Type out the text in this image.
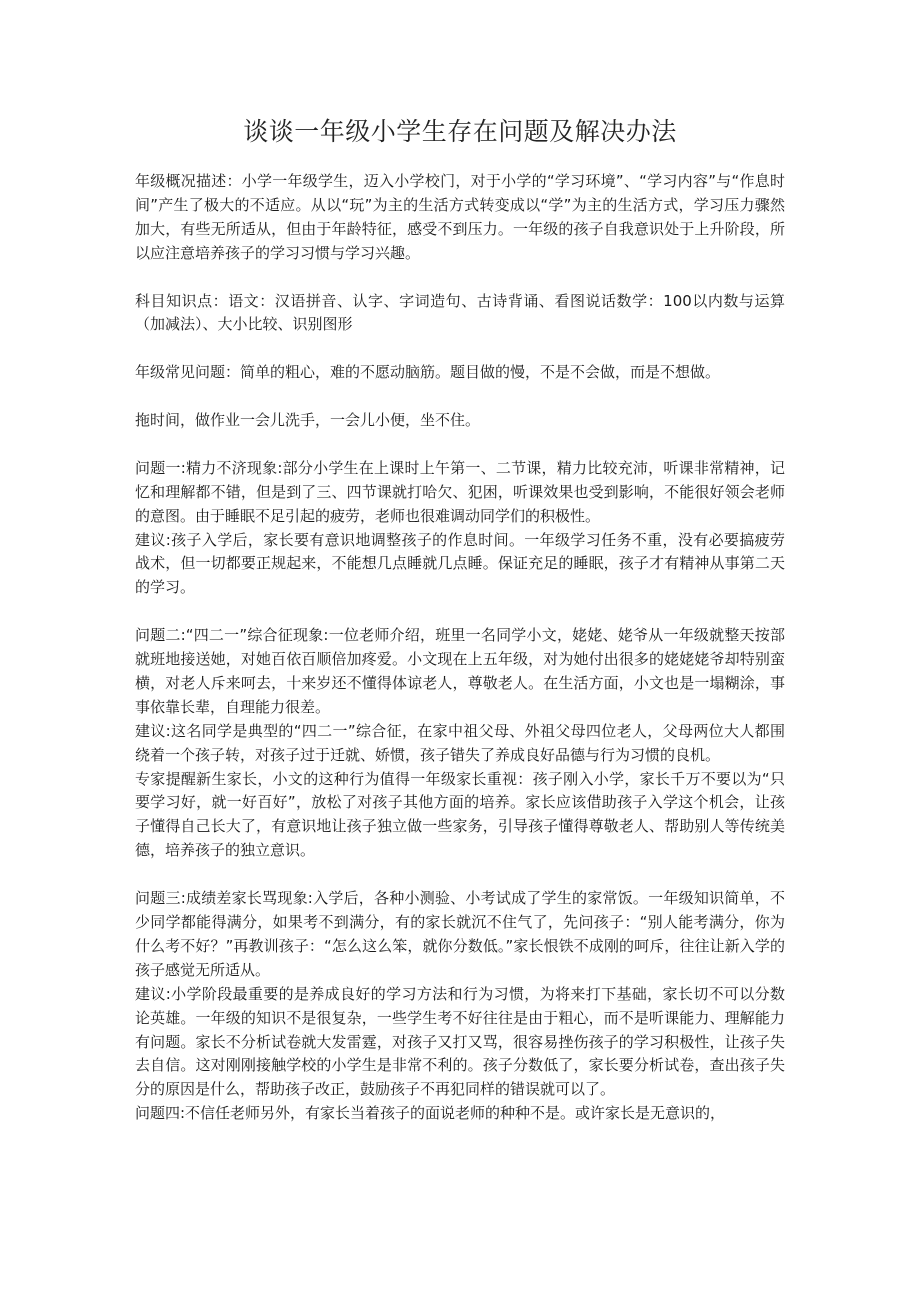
谈谈一年级小学生存在问题及解决办法

年级概况描述：小学一年级学生，迈入小学校门，对于小学的“学习环境”、“学习内容”与“作息时间”产生了极大的不适应。从以“玩”为主的生活方式转变成以“学”为主的生活方式，学习压力骤然加大，有些无所适从，但由于年龄特征，感受不到压力。一年级的孩子自我意识处于上升阶段，所以应注意培养孩子的学习习惯与学习兴趣。

科目知识点：语文：汉语拼音、认字、字词造句、古诗背诵、看图说话数学：100以内数与运算（加减法）、大小比较、识别图形

年级常见问题：简单的粗心，难的不愿动脑筋。题目做的慢，不是不会做，而是不想做。

拖时间，做作业一会儿洗手，一会儿小便，坐不住。

问题一:精力不济现象:部分小学生在上课时上午第一、二节课，精力比较充沛，听课非常精神，记忆和理解都不错，但是到了三、四节课就打哈欠、犯困，听课效果也受到影响，不能很好领会老师的意图。由于睡眠不足引起的疲劳，老师也很难调动同学们的积极性。

建议:孩子入学后，家长要有意识地调整孩子的作息时间。一年级学习任务不重，没有必要搞疲劳战术，但一切都要正规起来，不能想几点睡就几点睡。保证充足的睡眠，孩子才有精神从事第二天的学习。

问题二:“四二一”综合征现象:一位老师介绍，班里一名同学小文，姥姥、姥爷从一年级就整天按部就班地接送她，对她百依百顺倍加疼爱。小文现在上五年级，对为她付出很多的姥姥姥爷却特别蛮横，对老人斥来呵去，十来岁还不懂得体谅老人，尊敬老人。在生活方面，小文也是一塌糊涂，事事依靠长辈，自理能力很差。

建议:这名同学是典型的“四二一”综合征，在家中祖父母、外祖父母四位老人，父母两位大人都围绕着一个孩子转，对孩子过于迁就、娇惯，孩子错失了养成良好品德与行为习惯的良机。

专家提醒新生家长，小文的这种行为值得一年级家长重视：孩子刚入小学，家长千万不要以为“只要学习好，就一好百好”，放松了对孩子其他方面的培养。家长应该借助孩子入学这个机会，让孩子懂得自己长大了，有意识地让孩子独立做一些家务，引导孩子懂得尊敬老人、帮助别人等传统美德，培养孩子的独立意识。

问题三:成绩差家长骂现象:入学后，各种小测验、小考试成了学生的家常饭。一年级知识简单，不少同学都能得满分，如果考不到满分，有的家长就沉不住气了，先问孩子：“别人能考满分，你为什么考不好？”再教训孩子：“怎么这么笨，就你分数低。”家长恨铁不成刚的呵斥，往往让新入学的孩子感觉无所适从。

建议:小学阶段最重要的是养成良好的学习方法和行为习惯，为将来打下基础，家长切不可以分数论英雄。一年级的知识不是很复杂，一些学生考不好往往是由于粗心，而不是听课能力、理解能力有问题。家长不分析试卷就大发雷霆，对孩子又打又骂，很容易挫伤孩子的学习积极性，让孩子失去自信。这对刚刚接触学校的小学生是非常不利的。孩子分数低了，家长要分析试卷，查出孩子失分的原因是什么，帮助孩子改正，鼓励孩子不再犯同样的错误就可以了。

问题四:不信任老师另外，有家长当着孩子的面说老师的种种不是。或许家长是无意识的，
